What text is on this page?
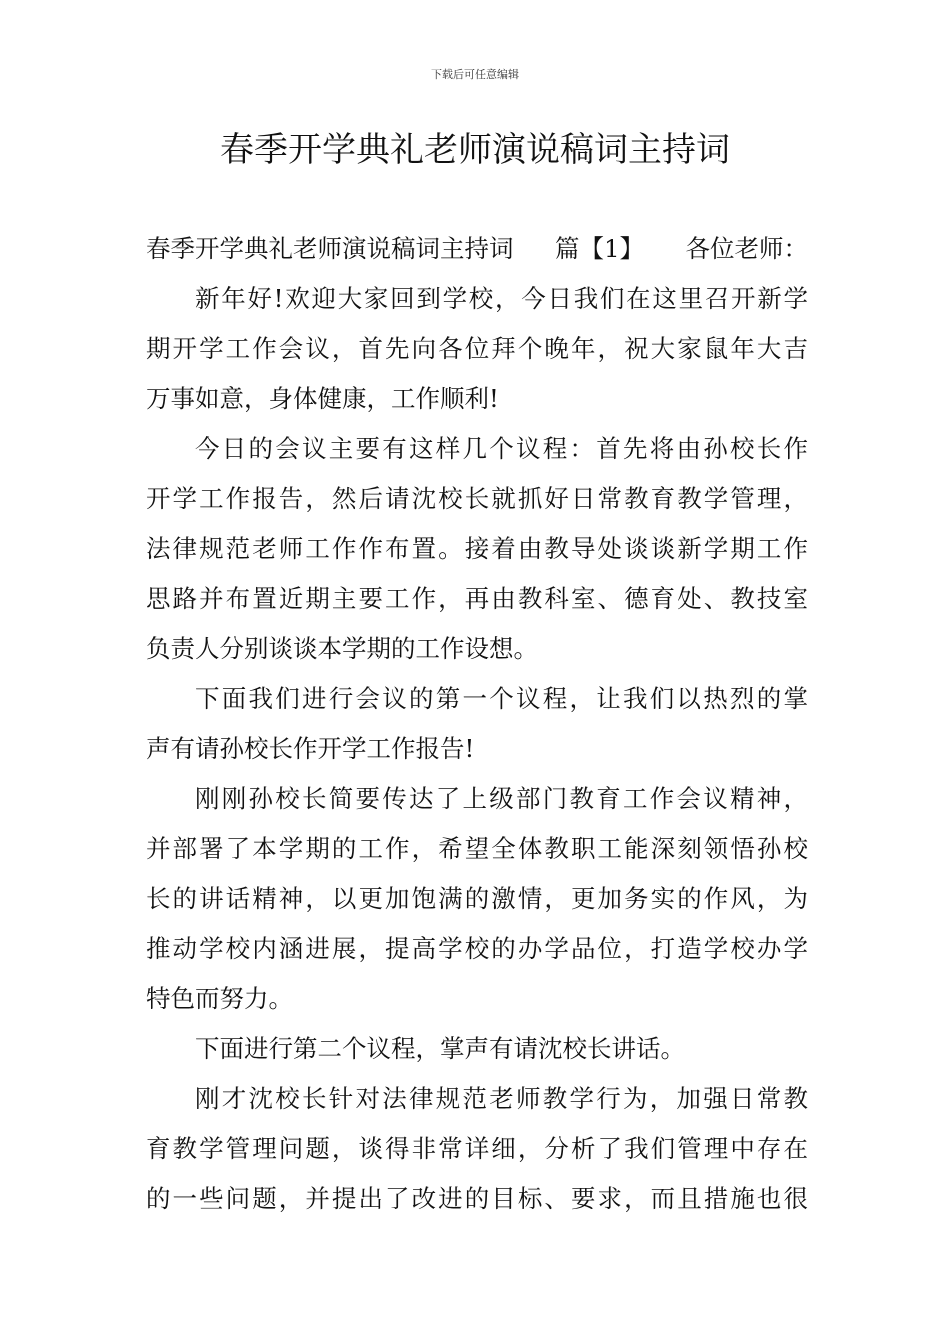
下载后可任意编辑
春季开学典礼老师演说稿词主持词
春季开学典礼老师演说稿词主持词 篇【1】 各位老师：
新年好!欢迎大家回到学校，今日我们在这里召开新学
期开学工作会议，首先向各位拜个晚年，祝大家鼠年大吉
万事如意，身体健康，工作顺利!
今日的会议主要有这样几个议程：首先将由孙校长作
开学工作报告，然后请沈校长就抓好日常教育教学管理，
法律规范老师工作作布置。接着由教导处谈谈新学期工作
思路并布置近期主要工作，再由教科室、德育处、教技室
负责人分别谈谈本学期的工作设想。
下面我们进行会议的第一个议程，让我们以热烈的掌
声有请孙校长作开学工作报告!
刚刚孙校长简要传达了上级部门教育工作会议精神，
并部署了本学期的工作，希望全体教职工能深刻领悟孙校
长的讲话精神，以更加饱满的激情，更加务实的作风，为
推动学校内涵进展，提高学校的办学品位，打造学校办学
特色而努力。
下面进行第二个议程，掌声有请沈校长讲话。
刚才沈校长针对法律规范老师教学行为，加强日常教
育教学管理问题，谈得非常详细，分析了我们管理中存在
的一些问题，并提出了改进的目标、要求，而且措施也很
